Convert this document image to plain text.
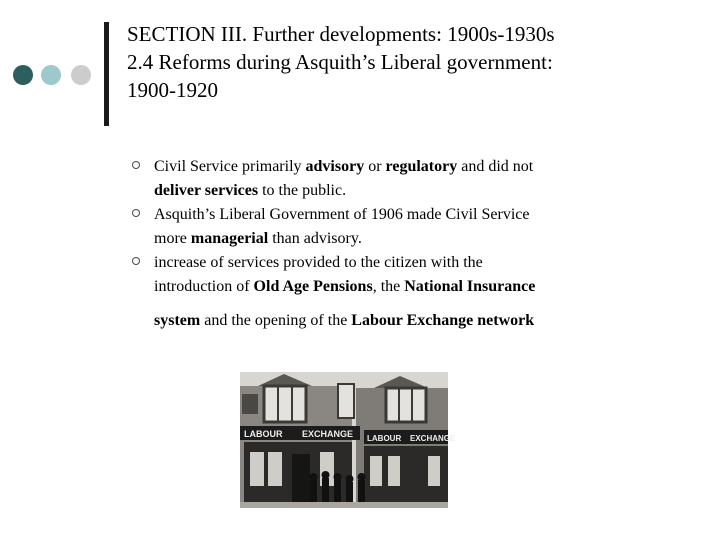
SECTION III. Further developments: 1900s-1930s
2.4 Reforms during Asquith’s Liberal government:
1900-1920
Civil Service primarily advisory or regulatory and did not
deliver services to the public.
Asquith’s Liberal Government of 1906 made Civil Service
more managerial than advisory.
increase of services provided to the citizen with the
introduction of Old Age Pensions, the National Insurance
system and the opening of the Labour Exchange network
LABOUR EXCHANGE LABOUR EXCHANGE
